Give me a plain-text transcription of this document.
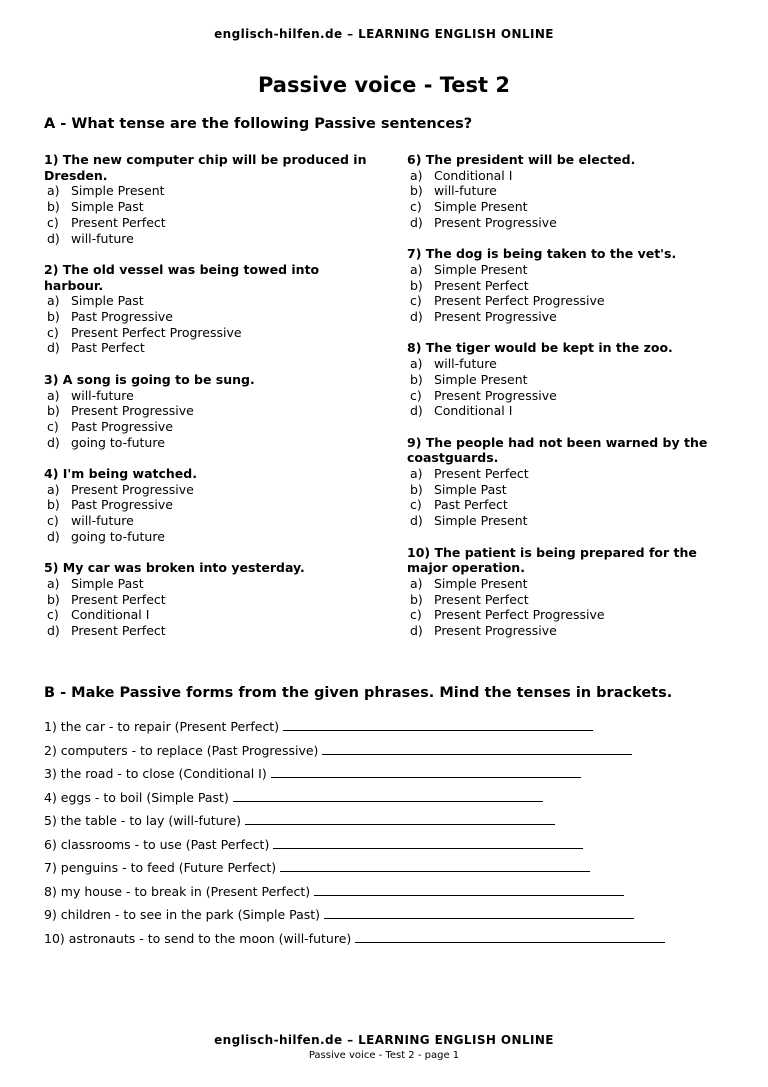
englisch-hilfen.de – LEARNING ENGLISH ONLINE
Passive voice - Test 2
A - What tense are the following Passive sentences?
1) The new computer chip will be produced in Dresden.
a) Simple Present
b) Simple Past
c) Present Perfect
d) will-future
2) The old vessel was being towed into harbour.
a) Simple Past
b) Past Progressive
c) Present Perfect Progressive
d) Past Perfect
3) A song is going to be sung.
a) will-future
b) Present Progressive
c) Past Progressive
d) going to-future
4) I'm being watched.
a) Present Progressive
b) Past Progressive
c) will-future
d) going to-future
5) My car was broken into yesterday.
a) Simple Past
b) Present Perfect
c) Conditional I
d) Present Perfect
6) The president will be elected.
a) Conditional I
b) will-future
c) Simple Present
d) Present Progressive
7) The dog is being taken to the vet's.
a) Simple Present
b) Present Perfect
c) Present Perfect Progressive
d) Present Progressive
8) The tiger would be kept in the zoo.
a) will-future
b) Simple Present
c) Present Progressive
d) Conditional I
9) The people had not been warned by the coastguards.
a) Present Perfect
b) Simple Past
c) Past Perfect
d) Simple Present
10) The patient is being prepared for the major operation.
a) Simple Present
b) Present Perfect
c) Present Perfect Progressive
d) Present Progressive
B - Make Passive forms from the given phrases. Mind the tenses in brackets.
1) the car - to repair (Present Perfect)
2) computers - to replace (Past Progressive)
3) the road - to close (Conditional I)
4) eggs - to boil (Simple Past)
5) the table - to lay (will-future)
6) classrooms - to use (Past Perfect)
7) penguins - to feed (Future Perfect)
8) my house - to break in (Present Perfect)
9) children - to see in the park (Simple Past)
10) astronauts - to send to the moon (will-future)
englisch-hilfen.de – LEARNING ENGLISH ONLINE
Passive voice - Test 2 - page 1
